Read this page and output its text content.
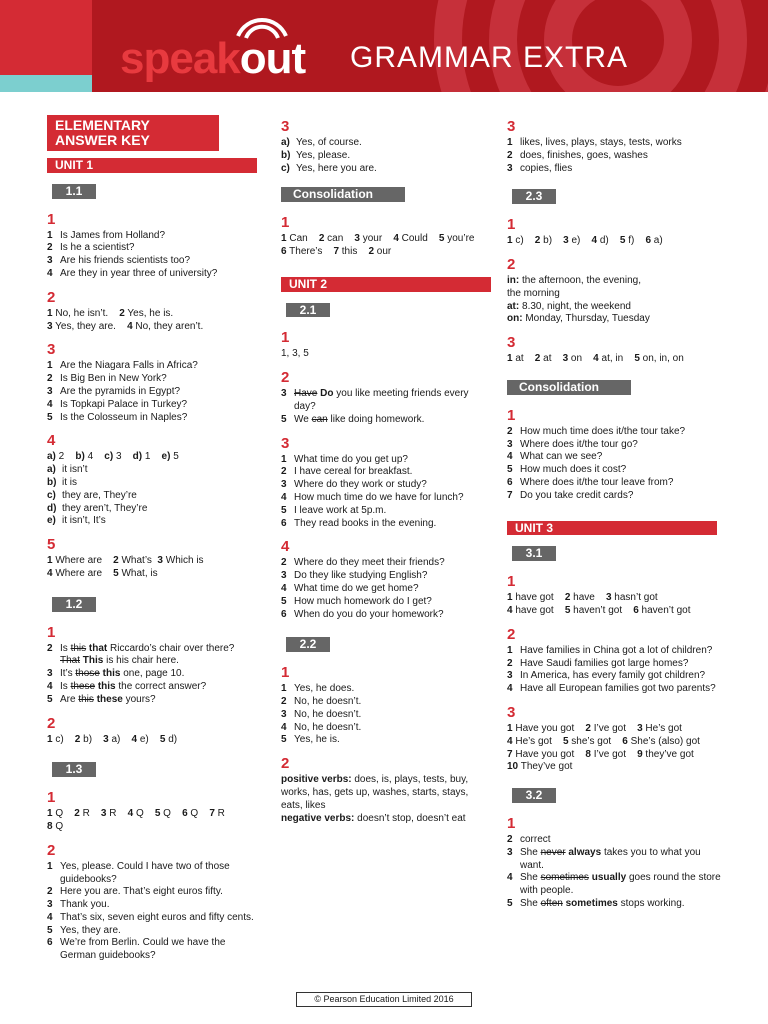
speakout GRAMMAR EXTRA
ELEMENTARY
ANSWER KEY
UNIT 1
1.1
1
1 Is James from Holland?
2 Is he a scientist?
3 Are his friends scientists too?
4 Are they in year three of university?
2
1 No, he isn’t.    2 Yes, he is.
3 Yes, they are.    4 No, they aren’t.
3
1 Are the Niagara Falls in Africa?
2 Is Big Ben in New York?
3 Are the pyramids in Egypt?
4 Is Topkapi Palace in Turkey?
5 Is the Colosseum in Naples?
4
a) 2    b) 4    c) 3    d) 1    e) 5
a) it isn’t
b) it is
c) they are, They’re
d) they aren’t, They’re
e) it isn’t, It’s
5
1 Where are    2 What’s  3 Which is
4 Where are    5 What, is
1.2
1
2 Is this that Riccardo’s chair over there?
That This is his chair here.
3 It’s those this one, page 10.
4 Is these this the correct answer?
5 Are this these yours?
2
1 c)    2 b)    3 a)    4 e)    5 d)
1.3
1
1 Q    2 R    3 R    4 Q    5 Q    6 Q    7 R
8 Q
2
1 Yes, please. Could I have two of those guidebooks?
2 Here you are. That’s eight euros fifty.
3 Thank you.
4 That’s six, seven eight euros and fifty cents.
5 Yes, they are.
6 We’re from Berlin. Could we have the German guidebooks?
3
a) Yes, of course.
b) Yes, please.
c) Yes, here you are.
Consolidation
1
1 Can    2 can    3 your    4 Could    5 you’re
6 There’s    7 this    2 our
UNIT 2
2.1
1
1, 3, 5
2
3 Have Do you like meeting friends every day?
5 We can like doing homework.
3
1 What time do you get up?
2 I have cereal for breakfast.
3 Where do they work or study?
4 How much time do we have for lunch?
5 I leave work at 5p.m.
6 They read books in the evening.
4
2 Where do they meet their friends?
3 Do they like studying English?
4 What time do we get home?
5 How much homework do I get?
6 When do you do your homework?
2.2
1
1 Yes, he does.
2 No, he doesn’t.
3 No, he doesn’t.
4 No, he doesn’t.
5 Yes, he is.
2
positive verbs: does, is, plays, tests, buy, works, has, gets up, washes, starts, stays, eats, likes
negative verbs: doesn’t stop, doesn’t eat
3
1 likes, lives, plays, stays, tests, works
2 does, finishes, goes, washes
3 copies, flies
2.3
1
1 c)    2 b)    3 e)    4 d)    5 f)    6 a)
2
in: the afternoon, the evening,
the morning
at: 8.30, night, the weekend
on: Monday, Thursday, Tuesday
3
1 at    2 at    3 on    4 at, in    5 on, in, on
Consolidation
1
2 How much time does it/the tour take?
3 Where does it/the tour go?
4 What can we see?
5 How much does it cost?
6 Where does it/the tour leave from?
7 Do you take credit cards?
UNIT 3
3.1
1
1 have got    2 have    3 hasn’t got
4 have got    5 haven’t got    6 haven’t got
2
1 Have families in China got a lot of children?
2 Have Saudi families got large homes?
3 In America, has every family got children?
4 Have all European families got two parents?
3
1 Have you got    2 I’ve got    3 He’s got
4 He’s got    5 she’s got    6 She’s (also) got
7 Have you got    8 I’ve got    9 they’ve got
10 They’ve got
3.2
1
2 correct
3 She never always takes you to what you want.
4 She sometimes usually goes round the store with people.
5 She often sometimes stops working.
© Pearson Education Limited 2016
